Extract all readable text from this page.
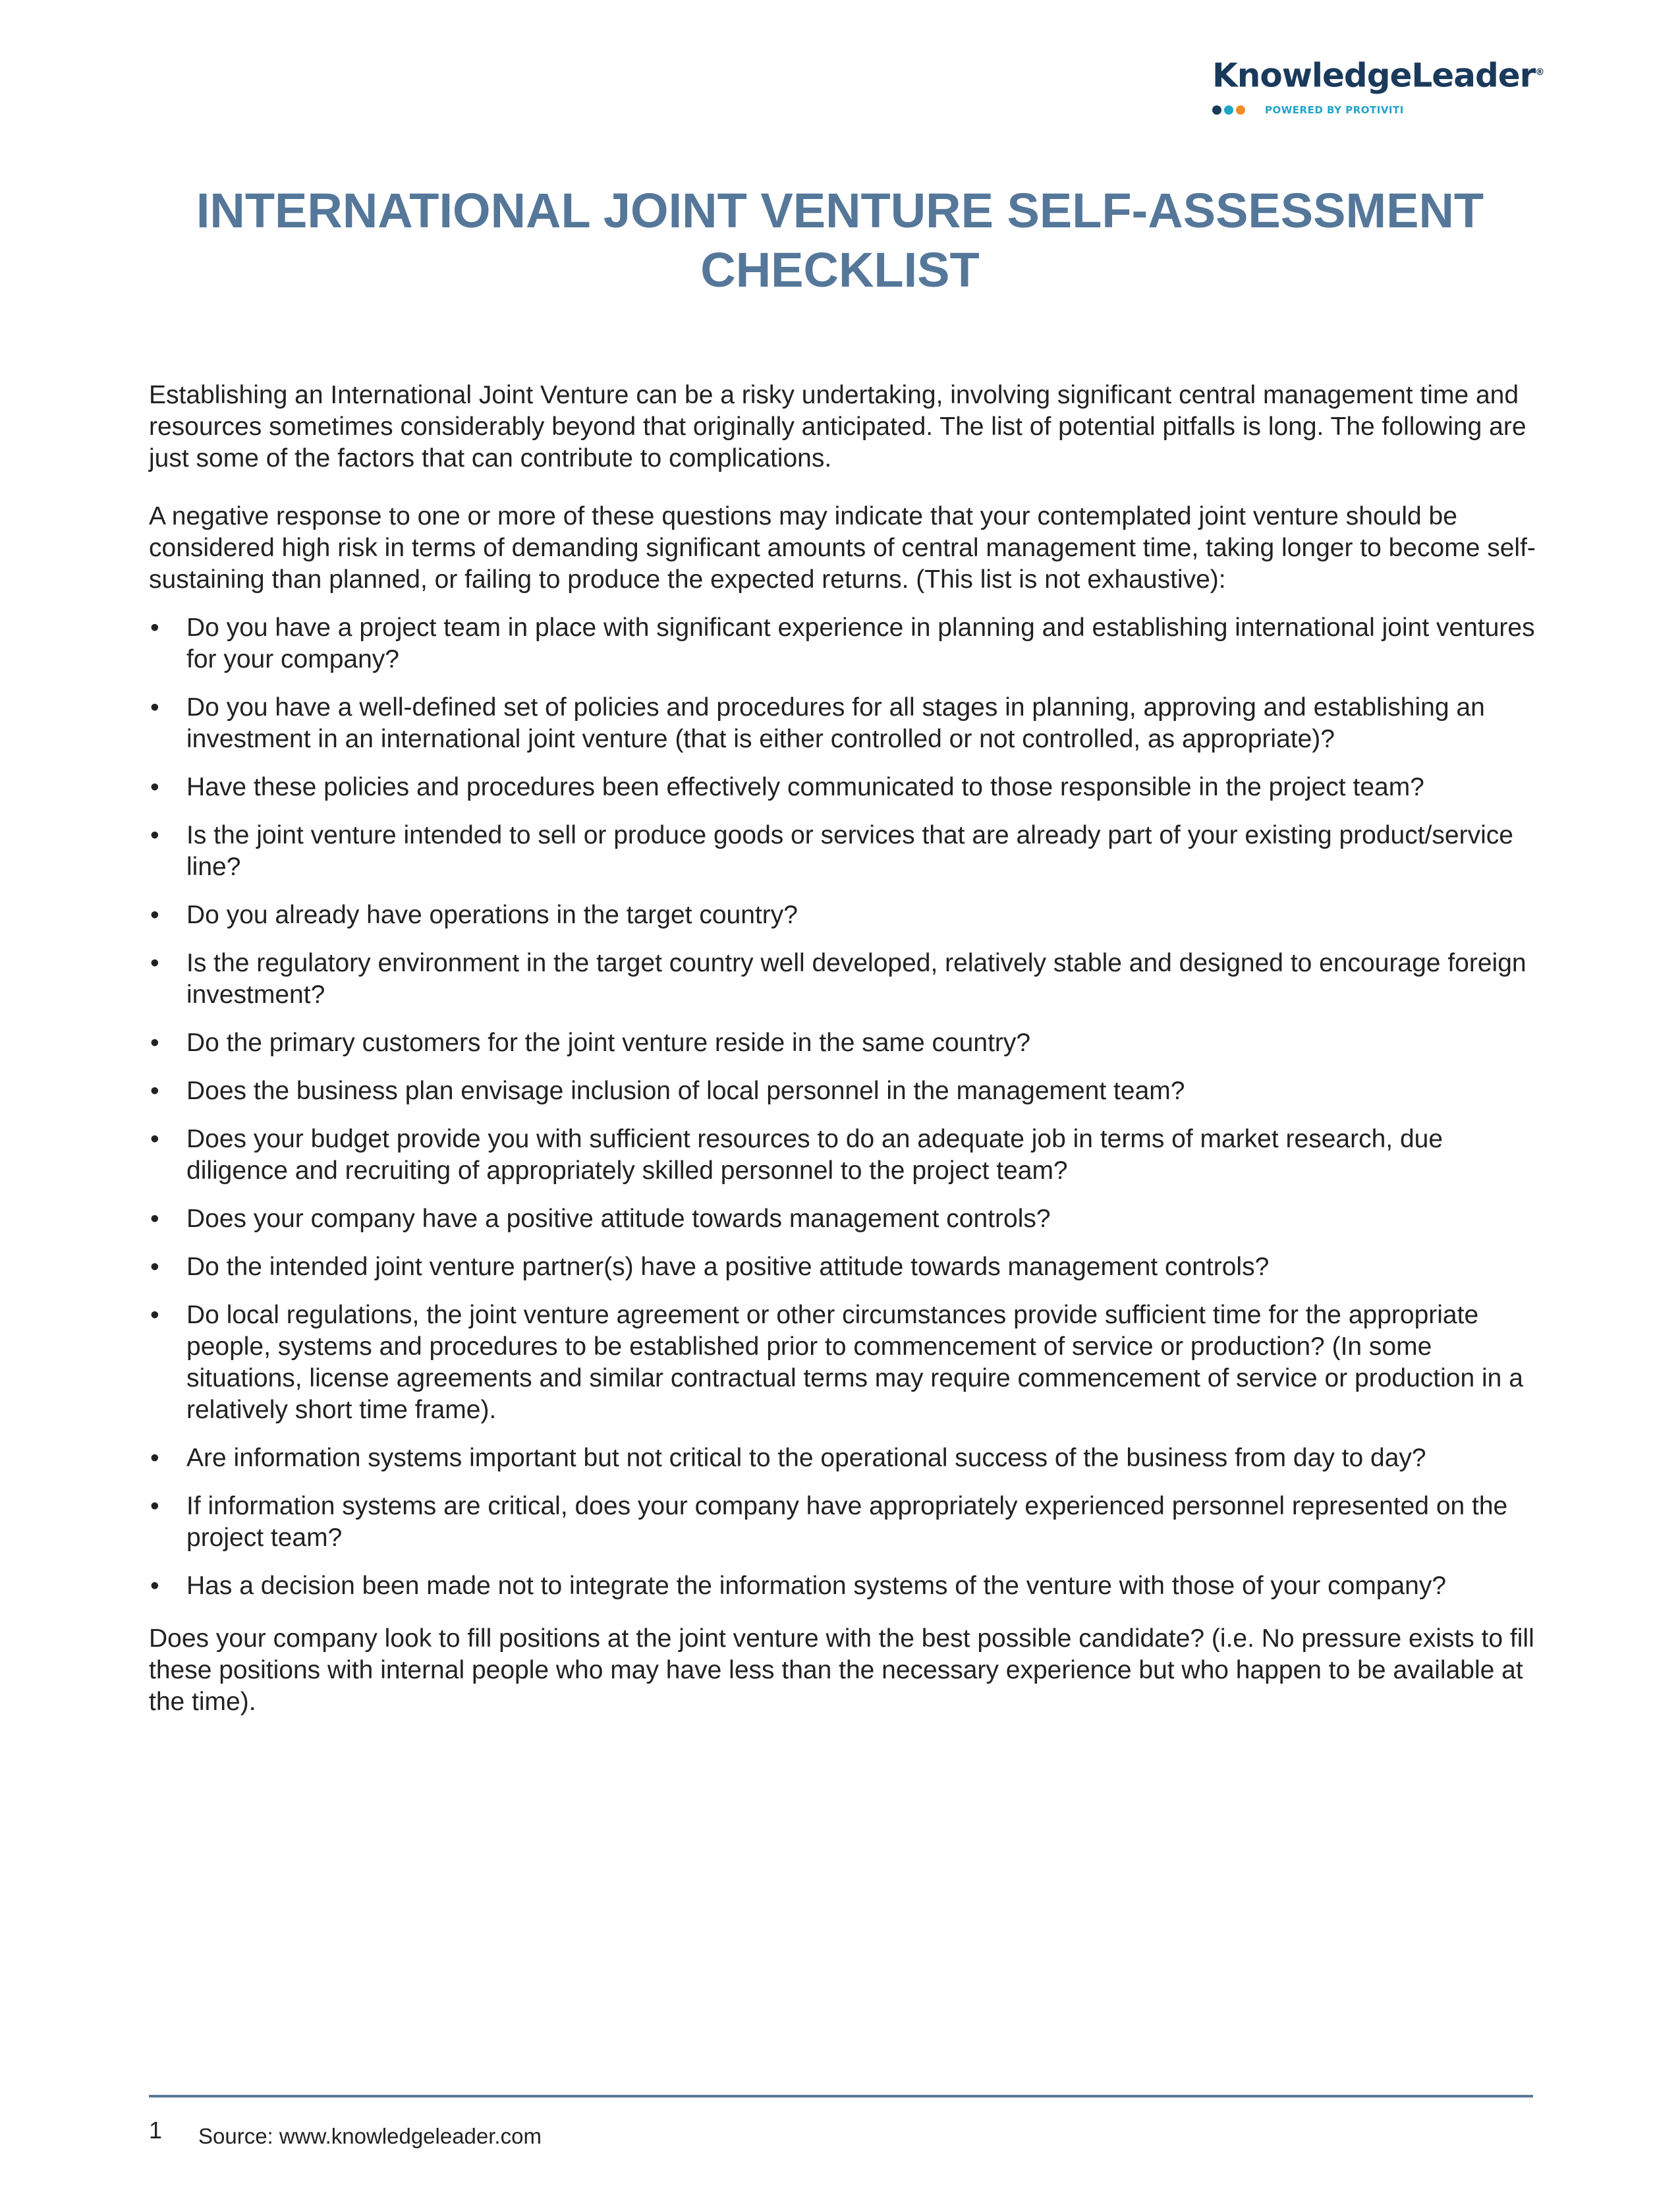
KnowledgeLeader®
POWERED BY PROTIVITI
INTERNATIONAL JOINT VENTURE SELF-ASSESSMENT
CHECKLIST

Establishing an International Joint Venture can be a risky undertaking, involving significant central management time and resources sometimes considerably beyond that originally anticipated. The list of potential pitfalls is long. The following are just some of the factors that can contribute to complications.

A negative response to one or more of these questions may indicate that your contemplated joint venture should be considered high risk in terms of demanding significant amounts of central management time, taking longer to become self-sustaining than planned, or failing to produce the expected returns. (This list is not exhaustive):

• Do you have a project team in place with significant experience in planning and establishing international joint ventures for your company?
• Do you have a well-defined set of policies and procedures for all stages in planning, approving and establishing an investment in an international joint venture (that is either controlled or not controlled, as appropriate)?
• Have these policies and procedures been effectively communicated to those responsible in the project team?
• Is the joint venture intended to sell or produce goods or services that are already part of your existing product/service line?
• Do you already have operations in the target country?
• Is the regulatory environment in the target country well developed, relatively stable and designed to encourage foreign investment?
• Do the primary customers for the joint venture reside in the same country?
• Does the business plan envisage inclusion of local personnel in the management team?
• Does your budget provide you with sufficient resources to do an adequate job in terms of market research, due diligence and recruiting of appropriately skilled personnel to the project team?
• Does your company have a positive attitude towards management controls?
• Do the intended joint venture partner(s) have a positive attitude towards management controls?
• Do local regulations, the joint venture agreement or other circumstances provide sufficient time for the appropriate people, systems and procedures to be established prior to commencement of service or production? (In some situations, license agreements and similar contractual terms may require commencement of service or production in a relatively short time frame).
• Are information systems important but not critical to the operational success of the business from day to day?
• If information systems are critical, does your company have appropriately experienced personnel represented on the project team?
• Has a decision been made not to integrate the information systems of the venture with those of your company?

Does your company look to fill positions at the joint venture with the best possible candidate? (i.e. No pressure exists to fill these positions with internal people who may have less than the necessary experience but who happen to be available at the time).

1 Source: www.knowledgeleader.com
